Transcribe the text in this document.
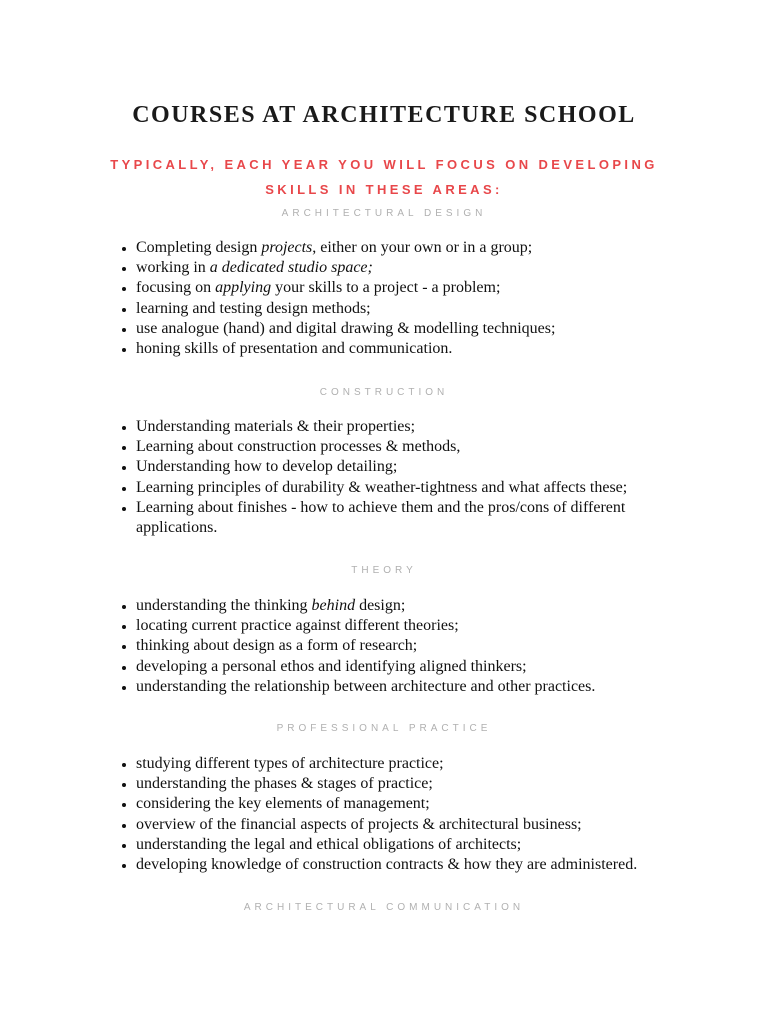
COURSES AT ARCHITECTURE SCHOOL
TYPICALLY, EACH YEAR YOU WILL FOCUS ON DEVELOPING SKILLS IN THESE AREAS:
ARCHITECTURAL DESIGN
• Completing design projects, either on your own or in a group;
• working in a dedicated studio space;
• focusing on applying your skills to a project - a problem;
• learning and testing design methods;
• use analogue (hand) and digital drawing & modelling techniques;
• honing skills of presentation and communication.
CONSTRUCTION
• Understanding materials & their properties;
• Learning about construction processes & methods,
• Understanding how to develop detailing;
• Learning principles of durability & weather-tightness and what affects these;
• Learning about finishes - how to achieve them and the pros/cons of different applications.
THEORY
• understanding the thinking behind design;
• locating current practice against different theories;
• thinking about design as a form of research;
• developing a personal ethos and identifying aligned thinkers;
• understanding the relationship between architecture and other practices.
PROFESSIONAL PRACTICE
• studying different types of architecture practice;
• understanding the phases & stages of practice;
• considering the key elements of management;
• overview of the financial aspects of projects & architectural business;
• understanding the legal and ethical obligations of architects;
• developing knowledge of construction contracts & how they are administered.
ARCHITECTURAL COMMUNICATION
